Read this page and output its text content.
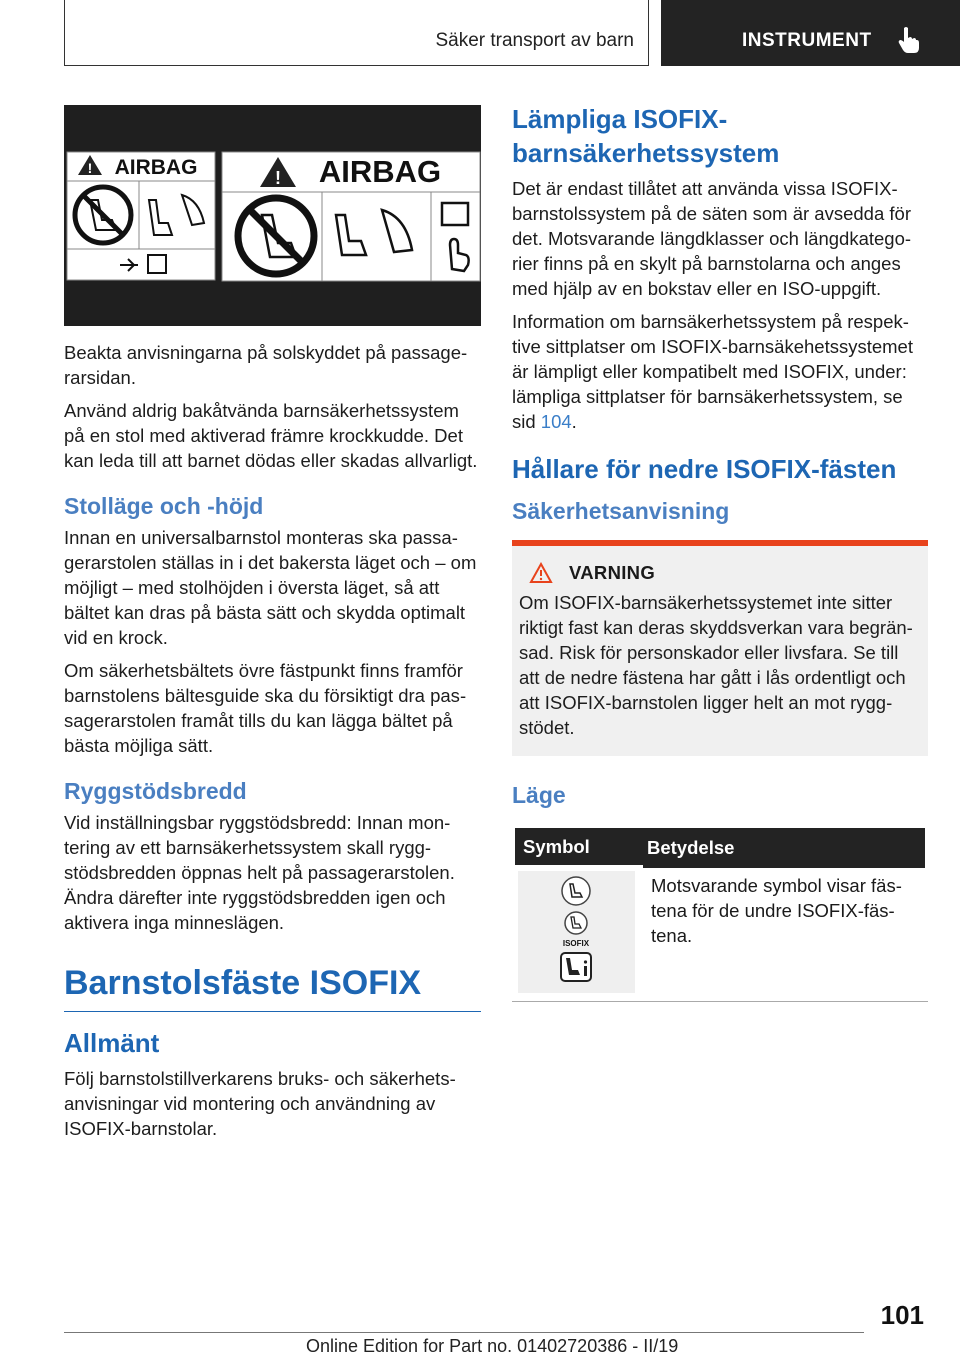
Säker transport av barn	INSTRUMENT
! AIRBAG	! AIRBAG

Beakta anvisningarna på solskyddet på passagerarsidan.

Använd aldrig bakåtvända barnsäkerhetssystem på en stol med aktiverad främre krockkudde. Det kan leda till att barnet dödas eller skadas allvarligt.

Stolläge och -höjd

Innan en universalbarnstol monteras ska passagerarstolen ställas in i det bakersta läget och – om möjligt – med stolhöjden i översta läget, så att bältet kan dras på bästa sätt och skydda optimalt vid en krock.

Om säkerhetsbältets övre fästpunkt finns framför barnstolens bältesguide ska du försiktigt dra passagerarstolen framåt tills du kan lägga bältet på bästa möjliga sätt.

Ryggstödsbredd

Vid inställningsbar ryggstödsbredd: Innan montering av ett barnsäkerhetssystem skall ryggstödsbredden öppnas helt på passagerarstolen. Ändra därefter inte ryggstödsbredden igen och aktivera inga minneslägen.

Barnstolsfäste ISOFIX
Allmänt

Följ barnstolstillverkarens bruks- och säkerhetsanvisningar vid montering och användning av ISOFIX-barnstolar.

Lämpliga ISOFIX-barnsäkerhetssystem

Det är endast tillåtet att använda vissa ISOFIX-barnstolssystem på de säten som är avsedda för det. Motsvarande längdklasser och längdkategorier finns på en skylt på barnstolarna och anges med hjälp av en bokstav eller en ISO-uppgift.

Information om barnsäkerhetssystem på respektive sittplatser om ISOFIX-barnsäkehetssystemet är lämpligt eller kompatibelt med ISOFIX, under: lämpliga sittplatser för barnsäkerhetssystem, se sid 104.

Hållare för nedre ISOFIX-fästen
Säkerhetsanvisning
VARNING

Om ISOFIX-barnsäkerhetssystemet inte sitter riktigt fast kan deras skyddsverkan vara begränsad. Risk för personskador eller livsfara. Se till att de nedre fästena har gått i lås ordentligt och att ISOFIX-barnstolen ligger helt an mot ryggstödet.

Läge
Symbol	Betydelse

ISOFIX	Motsvarande symbol visar fästena för de undre ISOFIX-fästena.
101
Online Edition for Part no. 01402720386 - II/19
